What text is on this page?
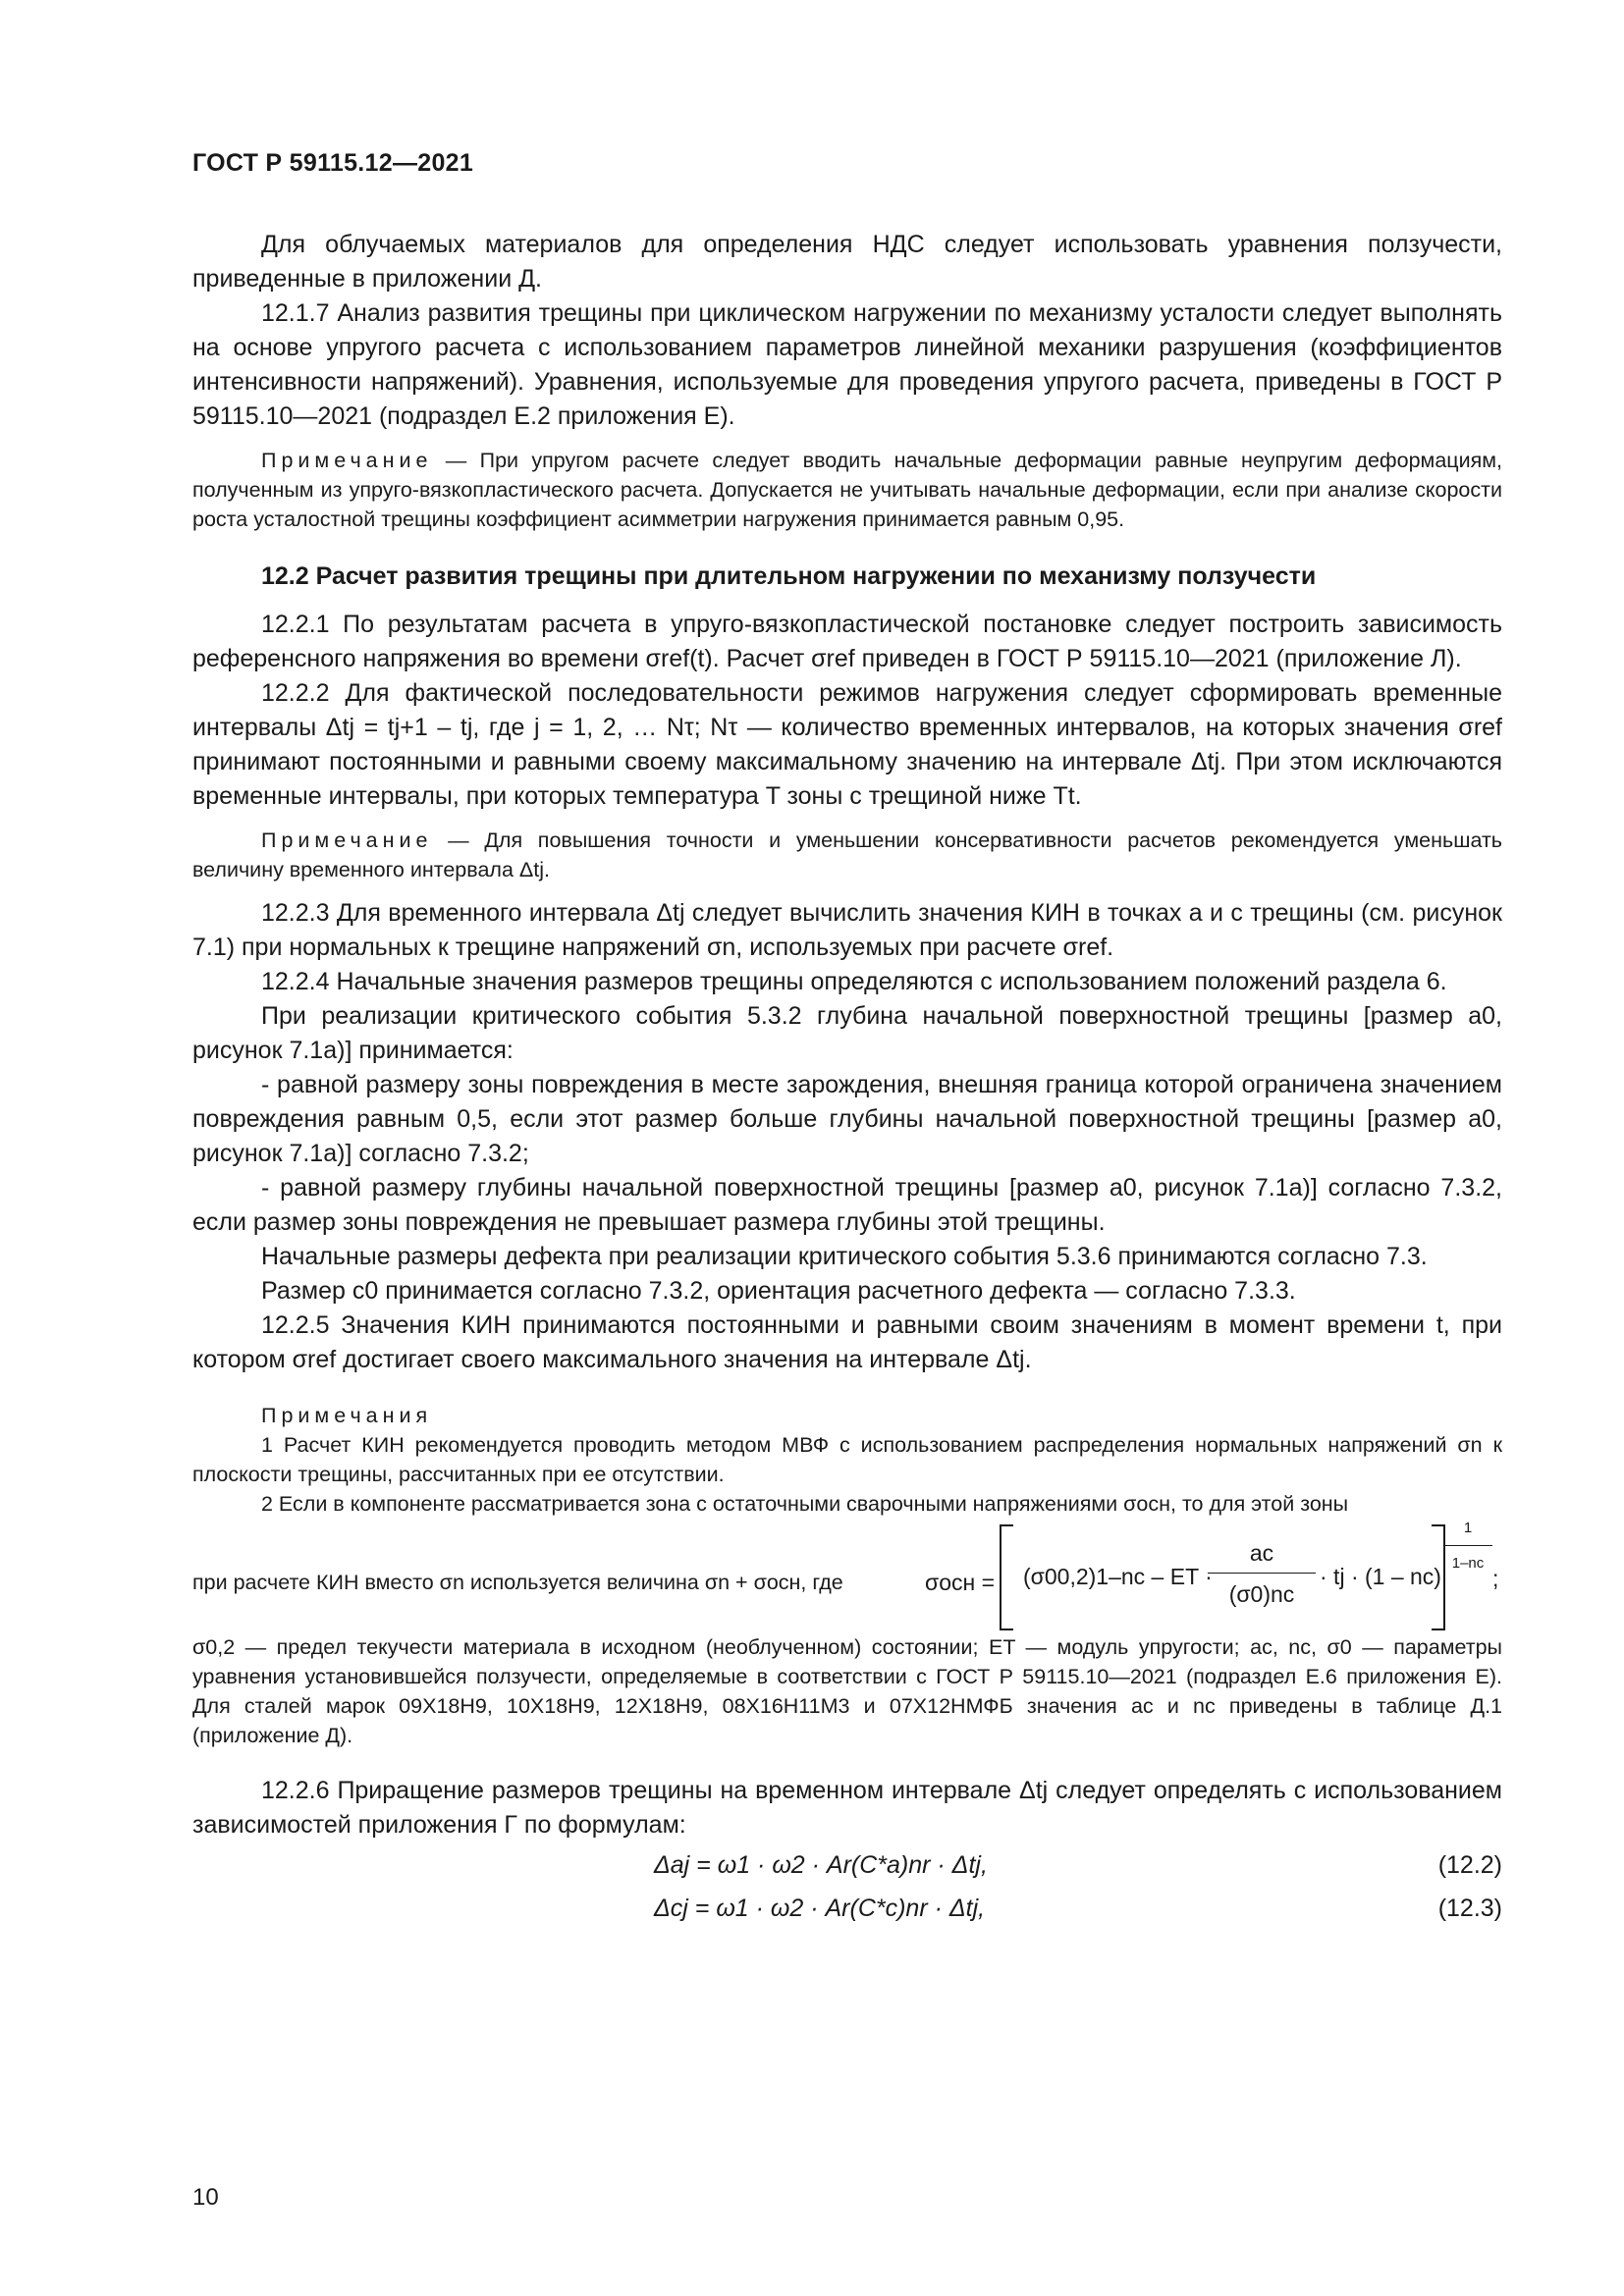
ГОСТ Р 59115.12—2021

Для облучаемых материалов для определения НДС следует использовать уравнения ползучести, приведенные в приложении Д.

12.1.7 Анализ развития трещины при циклическом нагружении по механизму усталости следует выполнять на основе упругого расчета с использованием параметров линейной механики разрушения (коэффициентов интенсивности напряжений). Уравнения, используемые для проведения упругого расчета, приведены в ГОСТ Р 59115.10—2021 (подраздел Е.2 приложения Е).

Примечание — При упругом расчете следует вводить начальные деформации равные неупругим деформациям, полученным из упруго-вязкопластического расчета. Допускается не учитывать начальные деформации, если при анализе скорости роста усталостной трещины коэффициент асимметрии нагружения принимается равным 0,95.

12.2 Расчет развития трещины при длительном нагружении по механизму ползучести

12.2.1 По результатам расчета в упруго-вязкопластической постановке следует построить зависимость референсного напряжения во времени σref(t). Расчет σref приведен в ГОСТ Р 59115.10—2021 (приложение Л).

12.2.2 Для фактической последовательности режимов нагружения следует сформировать временные интервалы Δtj = tj+1 – tj, где j = 1, 2, … Nτ; Nτ — количество временных интервалов, на которых значения σref принимают постоянными и равными своему максимальному значению на интервале Δtj. При этом исключаются временные интервалы, при которых температура T зоны с трещиной ниже Tt.

Примечание — Для повышения точности и уменьшении консервативности расчетов рекомендуется уменьшать величину временного интервала Δtj.

12.2.3 Для временного интервала Δtj следует вычислить значения КИН в точках a и c трещины (см. рисунок 7.1) при нормальных к трещине напряжений σn, используемых при расчете σref.

12.2.4 Начальные значения размеров трещины определяются с использованием положений раздела 6.

При реализации критического события 5.3.2 глубина начальной поверхностной трещины [размер a0, рисунок 7.1а)] принимается:

- равной размеру зоны повреждения в месте зарождения, внешняя граница которой ограничена значением повреждения равным 0,5, если этот размер больше глубины начальной поверхностной трещины [размер a0, рисунок 7.1а)] согласно 7.3.2;

- равной размеру глубины начальной поверхностной трещины [размер a0, рисунок 7.1а)] согласно 7.3.2, если размер зоны повреждения не превышает размера глубины этой трещины.

Начальные размеры дефекта при реализации критического события 5.3.6 принимаются согласно 7.3.

Размер c0 принимается согласно 7.3.2, ориентация расчетного дефекта — согласно 7.3.3.

12.2.5 Значения КИН принимаются постоянными и равными своим значениям в момент времени t, при котором σref достигает своего максимального значения на интервале Δtj.

Примечания

1 Расчет КИН рекомендуется проводить методом МВФ с использованием распределения нормальных напряжений σn к плоскости трещины, рассчитанных при ее отсутствии.

2 Если в компоненте рассматривается зона с остаточными сварочными напряжениями σосн, то для этой зоны

при расчете КИН вместо σn используется величина σn + σосн, где	σосн = (σ00,2)1–nc – ET ·
$\frac{ac}{(\sigma 0)nc}$ · tj · $(1 - nc) \frac{1}{1-nc}$ ;

σ0,2 — предел текучести материала в исходном (необлученном) состоянии; ET — модуль упругости; ac, nc, σ0 — параметры уравнения установившейся ползучести, определяемые в соответствии с ГОСТ Р 59115.10—2021 (подраздел Е.6 приложения Е). Для сталей марок 09Х18Н9, 10Х18Н9, 12Х18Н9, 08Х16Н11М3 и 07Х12НМФБ значения ac и nc приведены в таблице Д.1 (приложение Д).

12.2.6 Приращение размеров трещины на временном интервале Δtj следует определять с использованием зависимостей приложения Г по формулам:

Δaj = ω1 · ω2 · Ar(C*a)nr · Δtj,	(12.2)
Δcj = ω1 · ω2 · Ar(C*c)nr · Δtj,	(12.3)
10
